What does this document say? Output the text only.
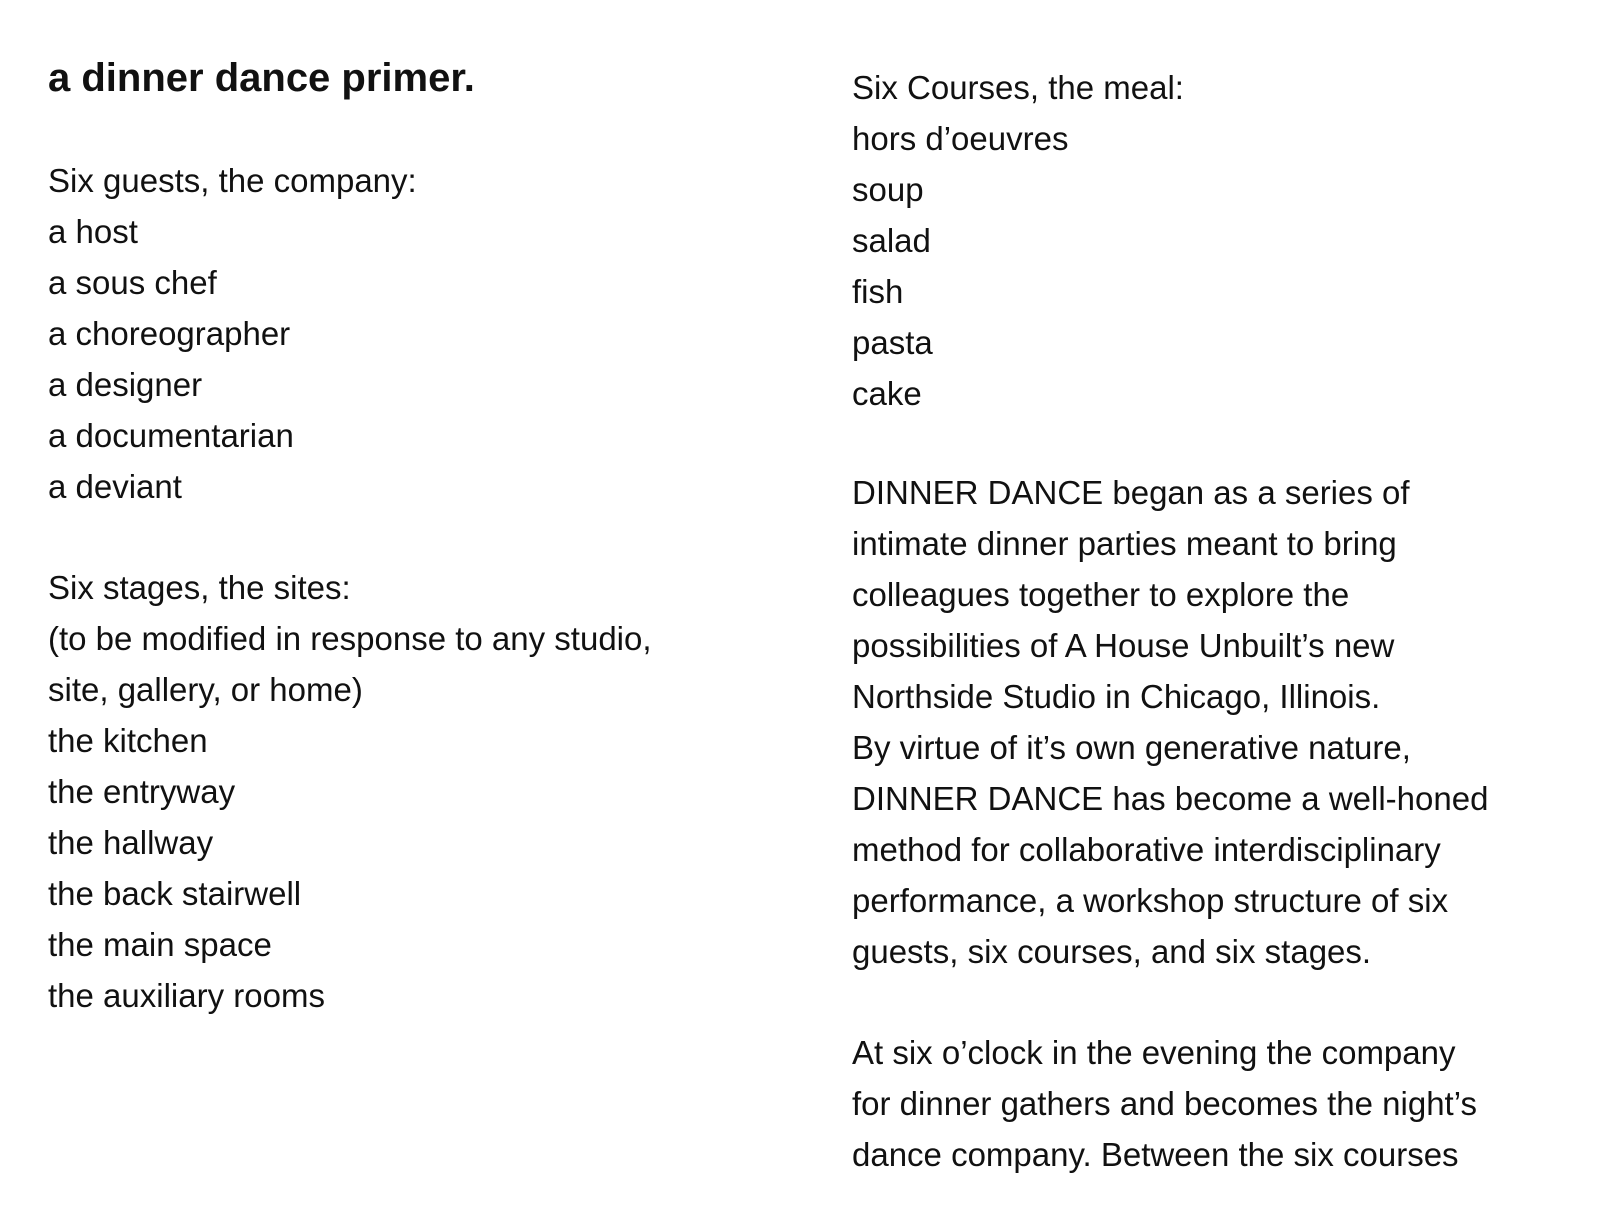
a dinner dance primer.
Six guests, the company:
a host
a sous chef
a choreographer
a designer
a documentarian
a deviant
Six stages, the sites:
(to be modified in response to any studio,
site, gallery, or home)
the kitchen
the entryway
the hallway
the back stairwell
the main space
the auxiliary rooms
Six Courses, the meal:
hors d’oeuvres
soup
salad
fish
pasta
cake
DINNER DANCE began as a series of
intimate dinner parties meant to bring
colleagues together to explore the
possibilities of A House Unbuilt’s new
Northside Studio in Chicago, Illinois.
By virtue of it’s own generative nature,
DINNER DANCE has become a well-honed
method for collaborative interdisciplinary
performance, a workshop structure of six
guests, six courses, and six stages.
At six o’clock in the evening the company
for dinner gathers and becomes the night’s
dance company. Between the six courses
